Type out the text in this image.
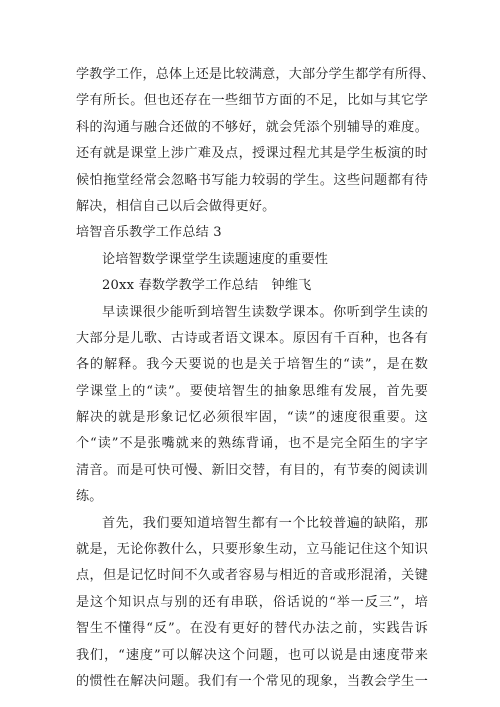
学教学工作，总体上还是比较满意，大部分学生都学有所得、
学有所长。但也还存在一些细节方面的不足，比如与其它学
科的沟通与融合还做的不够好，就会凭添个别辅导的难度。
还有就是课堂上涉广难及点，授课过程尤其是学生板演的时
候怕拖堂经常会忽略书写能力较弱的学生。这些问题都有待
解决，相信自己以后会做得更好。
培智音乐教学工作总结 3
论培智数学课堂学生读题速度的重要性
20xx 春数学教学工作总结　钟维飞
早读课很少能听到培智生读数学课本。你听到学生读的
大部分是儿歌、古诗或者语文课本。原因有千百种，也各有
各的解释。我今天要说的也是关于培智生的“读”，是在数
学课堂上的“读”。要使培智生的抽象思维有发展，首先要
解决的就是形象记忆必须很牢固，“读”的速度很重要。这
个“读”不是张嘴就来的熟练背诵，也不是完全陌生的字字
清音。而是可快可慢、新旧交替，有目的，有节奏的阅读训
练。
首先，我们要知道培智生都有一个比较普遍的缺陷，那
就是，无论你教什么，只要形象生动，立马能记住这个知识
点，但是记忆时间不久或者容易与相近的音或形混淆，关键
是这个知识点与别的还有串联，俗话说的“举一反三”，培
智生不懂得“反”。在没有更好的替代办法之前，实践告诉
我们，“速度”可以解决这个问题，也可以说是由速度带来
的惯性在解决问题。我们有一个常见的现象，当教会学生一
